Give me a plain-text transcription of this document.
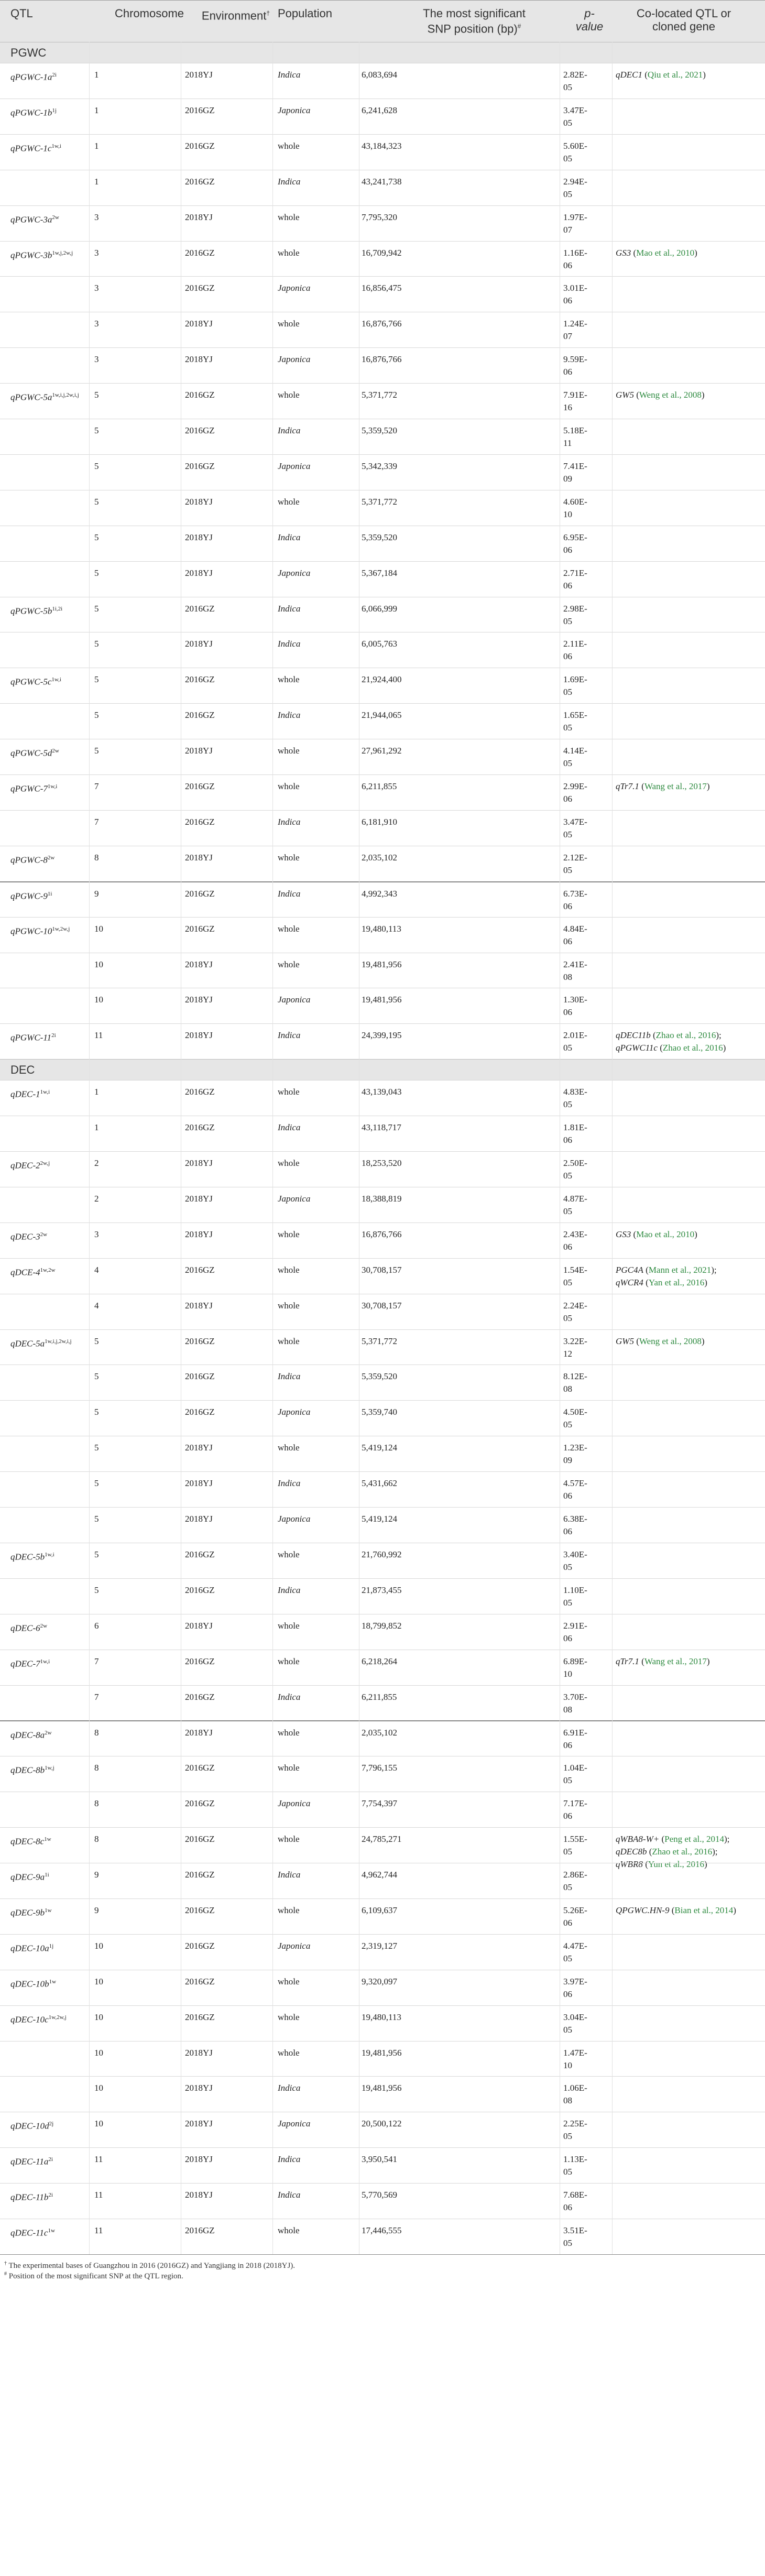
QTL	Chromosome	Environment† Population	The most significant
SNP position (bp)#
p-
value
Co-located QTL or
cloned gene
PGWC
qPGWC-$1a^{2i}$	1	2018YJ	Indica	6,083,694	2.82E-
05
qDEC1 (Qiu et al., 2021)
qPGWC-$1b^{1j}$	1	2016GZ	Japonica	6,241,628	3.47E-
05
qPGWC-$1c^{1w,i}$	1	2016GZ	whole	43,184,323	5.60E-
05
1	2016GZ	Indica	43,241,738	2.94E-
05
qPGWC-$3a^{2w}$	3	2018YJ	whole	7,795,320	1.97E-
07
qPGWC-$3b^{1w,j,2w,j}$	3	2016GZ	whole	16,709,942	1.16E-
06
GS3 (Mao et al., 2010)
3	2016GZ	Japonica	16,856,475	3.01E-
06
3	2018YJ	whole	16,876,766	1.24E-
07
3	2018YJ	Japonica	16,876,766	9.59E-
06
qPGWC-$5a^{1w,i,j,2w,i,j}$	5	2016GZ	whole	5,371,772	7.91E-
16
GW5 (Weng et al., 2008)
5	2016GZ	Indica	5,359,520	5.18E-
11
5	2016GZ	Japonica	5,342,339	7.41E-
09
5	2018YJ	whole	5,371,772	4.60E-
10
5	2018YJ	Indica	5,359,520	6.95E-
06
5	2018YJ	Japonica	5,367,184	2.71E-
06
qPGWC-$5b^{1i,2i}$	5	2016GZ	Indica	6,066,999	2.98E-
05
5	2018YJ	Indica	6,005,763	2.11E-
06
qPGWC-$5c^{1w,i}$	5	2016GZ	whole	21,924,400	1.69E-
05
5	2016GZ	Indica	21,944,065	1.65E-
05
qPGWC-$5d^{2w}$	5	2018YJ	whole	27,961,292	4.14E-
05
qPGWC-$7^{1w,i}$	7	2016GZ	whole	6,211,855	2.99E-
06
qTr7.1 (Wang et al., 2017)
7	2016GZ	Indica	6,181,910	3.47E-
05
qPGWC-$8^{2w}$	8	2018YJ	whole	2,035,102	2.12E-
05
qPGWC-$9^{1i}$	9	2016GZ	Indica	4,992,343	6.73E-
06
qPGWC-$10^{1w,2w,j}$	10	2016GZ	whole	19,480,113	4.84E-
06
10	2018YJ	whole	19,481,956	2.41E-
08
10	2018YJ	Japonica	19,481,956	1.30E-
06
qPGWC-$11^{2i}$	11	2018YJ	Indica	24,399,195	2.01E-
05
qDEC11b (Zhao et al., 2016);
qPGWC11c (Zhao et al., 2016)
DEC
qDEC-$1^{1w,i}$	1	2016GZ	whole	43,139,043	4.83E-
05
1	2016GZ	Indica	43,118,717	1.81E-
06
qDEC-$2^{2w,j}$	2	2018YJ	whole	18,253,520	2.50E-
05
2	2018YJ	Japonica	18,388,819	4.87E-
05
qDEC-$3^{2w}$	3	2018YJ	whole	16,876,766	2.43E-
06
GS3 (Mao et al., 2010)
qDCE-$4^{1w,2w}$	4	2016GZ	whole	30,708,157	1.54E-
05
PGC4A (Mann et al., 2021);
qWCR4 (Yan et al., 2016)
4	2018YJ	whole	30,708,157	2.24E-
05
qDEC-$5a^{1w,i,j,2w,i,j}$	5	2016GZ	whole	5,371,772	3.22E-
12
GW5 (Weng et al., 2008)
5	2016GZ	Indica	5,359,520	8.12E-
08
5	2016GZ	Japonica	5,359,740	4.50E-
05
5	2018YJ	whole	5,419,124	1.23E-
09
5	2018YJ	Indica	5,431,662	4.57E-
06
5	2018YJ	Japonica	5,419,124	6.38E-
06
qDEC-$5b^{1w,i}$	5	2016GZ	whole	21,760,992	3.40E-
05
5	2016GZ	Indica	21,873,455	1.10E-
05
qDEC-$6^{2w}$	6	2018YJ	whole	18,799,852	2.91E-
06
qDEC-$7^{1w,i}$	7	2016GZ	whole	6,218,264	6.89E-
10
qTr7.1 (Wang et al., 2017)
7	2016GZ	Indica	6,211,855	3.70E-
08
qDEC-$8a^{2w}$	8	2018YJ	whole	2,035,102	6.91E-
06
qDEC-$8b^{1w,j}$	8	2016GZ	whole	7,796,155	1.04E-
05
8	2016GZ	Japonica	7,754,397	7.17E-
06
qDEC-$8c^{1w}$	8	2016GZ	whole	24,785,271	1.55E-
05
qWBA8-W+ (Peng et al., 2014);
qDEC8b (Zhao et al., 2016);
qWBR8 (Yun et al., 2016)
qDEC-$9a^{1i}$	9	2016GZ	Indica	4,962,744	2.86E-
05
qDEC-$9b^{1w}$	9	2016GZ	whole	6,109,637	5.26E-
06
QPGWC.HN-9 (Bian et al., 2014)
qDEC-$10a^{1j}$	10	2016GZ	Japonica	2,319,127	4.47E-
05
qDEC-$10b^{1w}$	10	2016GZ	whole	9,320,097	3.97E-
06
qDEC-$10c^{1w,2w,j}$	10	2016GZ	whole	19,480,113	3.04E-
05
10	2018YJ	whole	19,481,956	1.47E-
10
10	2018YJ	Indica	19,481,956	1.06E-
08
qDEC-$10d^{2j}$	10	2018YJ	Japonica	20,500,122	2.25E-
05
qDEC-$11a^{2i}$	11	2018YJ	Indica	3,950,541	1.13E-
05
qDEC-$11b^{2i}$	11	2018YJ	Indica	5,770,569	7.68E-
06
qDEC-$11c^{1w}$	11	2016GZ	whole	17,446,555	3.51E-
05
† The experimental bases of Guangzhou in 2016 (2016GZ) and Yangjiang in 2018 (2018YJ).
# Position of the most significant SNP at the QTL region.
